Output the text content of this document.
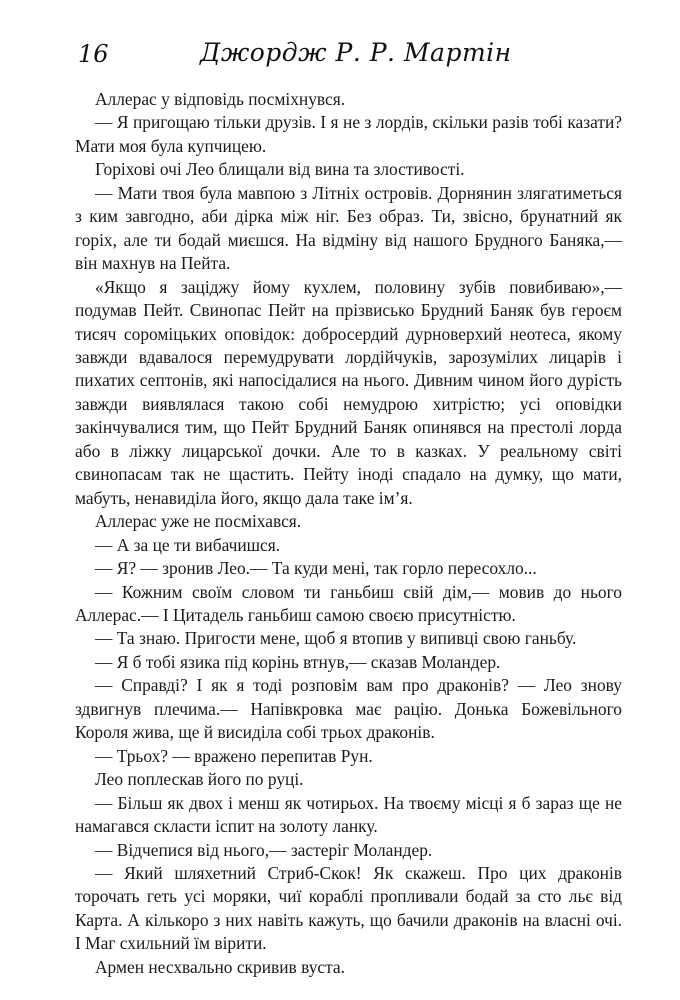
16	Джордж Р. Р. Мартін

Аллерас у відповідь посміхнувся.

— Я пригощаю тільки друзів. І я не з лордів, скільки разів тобі казати? Мати моя була купчицею.

Горіхові очі Лео блищали від вина та злостивості.

— Мати твоя була мавпою з Літніх островів. Дорнянин злягатиметься з ким завгодно, аби дірка між ніг. Без образ. Ти, звісно, брунатний як горіх, але ти бодай миєшся. На відміну від нашого Брудного Баняка,— він махнув на Пейта.

«Якщо я заціджу йому кухлем, половину зубів повибиваю»,— подумав Пейт. Свинопас Пейт на прізвисько Брудний Баняк був героєм тисяч сороміцьких оповідок: добросердий дурноверхий неотеса, якому завжди вдавалося перемудрувати лордійчуків, зарозумілих лицарів і пихатих септонів, які напосідалися на нього. Дивним чином його дурість завжди виявлялася такою собі немудрою хитрістю; усі оповідки закінчувалися тим, що Пейт Брудний Баняк опинявся на престолі лорда або в ліжку лицарської дочки. Але то в казках. У реальному світі свинопасам так не щастить. Пейту іноді спадало на думку, що мати, мабуть, ненавиділа його, якщо дала таке ім’я.

Аллерас уже не посміхався.

— А за це ти вибачишся.

— Я? — зронив Лео.— Та куди мені, так горло пересохло...

— Кожним своїм словом ти ганьбиш свій дім,— мовив до нього Аллерас.— І Цитадель ганьбиш самою своєю присутністю.

— Та знаю. Пригости мене, щоб я втопив у випивці свою ганьбу.

— Я б тобі язика під корінь втнув,— сказав Моландер.

— Справді? І як я тоді розповім вам про драконів? — Лео знову здвигнув плечима.— Напівкровка має рацію. Донька Божевільного Короля жива, ще й висиділа собі трьох драконів.

— Трьох? — вражено перепитав Рун.

Лео поплескав його по руці.

— Більш як двох і менш як чотирьох. На твоєму місці я б зараз ще не намагався скласти іспит на золоту ланку.

— Відчепися від нього,— застеріг Моландер.

— Який шляхетний Стриб-Скок! Як скажеш. Про цих драконів торочать геть усі моряки, чиї кораблі пропливали бодай за сто льє від Карта. А кількоро з них навіть кажуть, що бачили драконів на власні очі. І Маг схильний їм вірити.

Армен несхвально скривив вуста.
